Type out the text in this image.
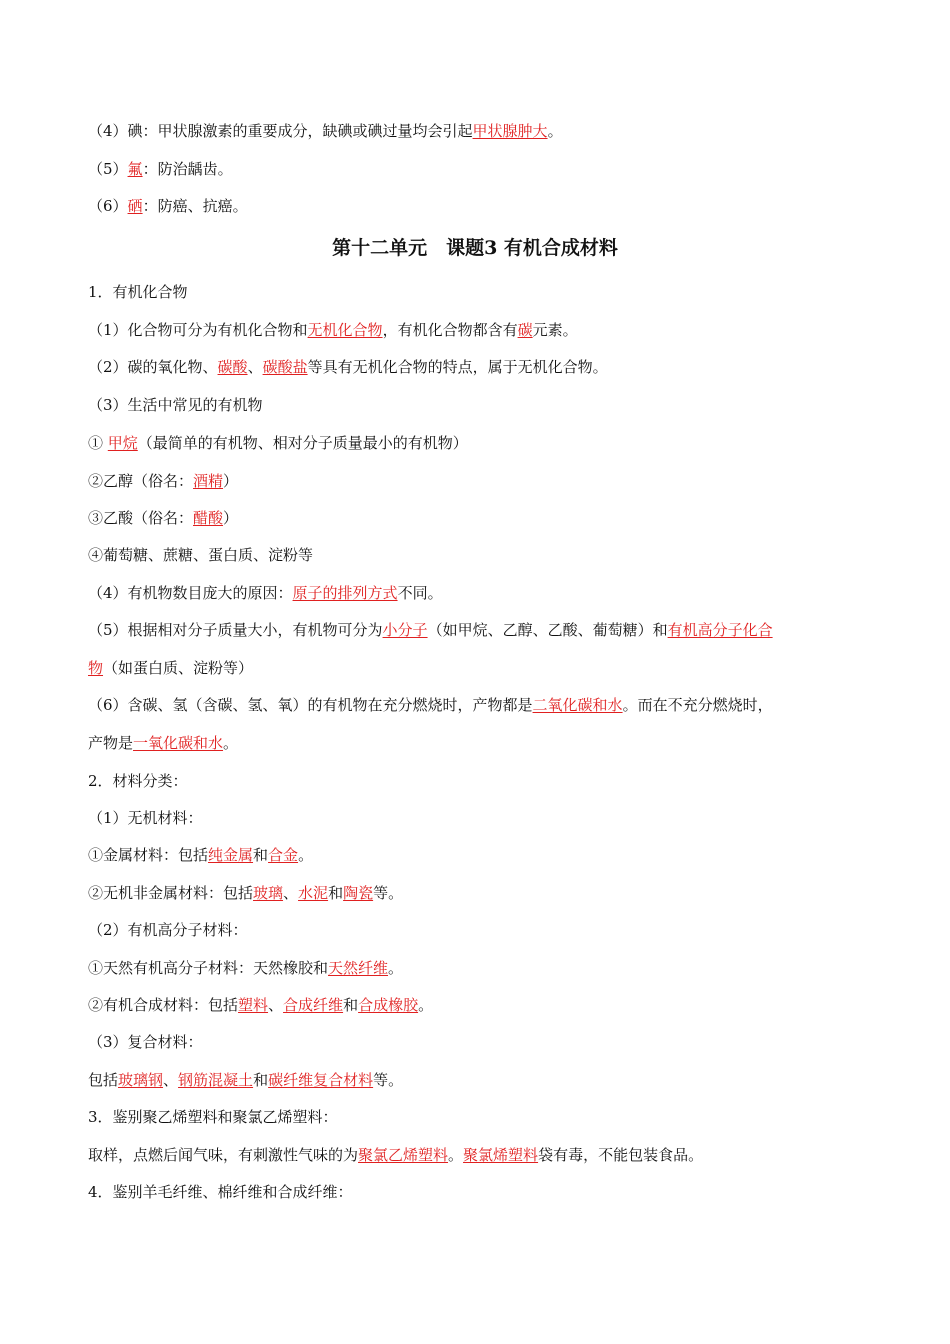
第十二单元　课题3 有机合成材料
（4）碘：甲状腺激素的重要成分，缺碘或碘过量均会引起甲状腺肿大。
（5）氟：防治龋齿。
（6）硒：防癌、抗癌。
1．有机化合物
（1）化合物可分为有机化合物和无机化合物，有机化合物都含有碳元素。
（2）碳的氧化物、碳酸、碳酸盐等具有无机化合物的特点，属于无机化合物。
（3）生活中常见的有机物
① 甲烷（最简单的有机物、相对分子质量最小的有机物）
②乙醇（俗名：酒精）
③乙酸（俗名：醋酸）
④葡萄糖、蔗糖、蛋白质、淀粉等
（4）有机物数目庞大的原因：原子的排列方式不同。
（5）根据相对分子质量大小，有机物可分为小分子（如甲烷、乙醇、乙酸、葡萄糖）和有机高分子化合
物（如蛋白质、淀粉等）
（6）含碳、氢（含碳、氢、氧）的有机物在充分燃烧时，产物都是二氧化碳和水。而在不充分燃烧时，
产物是一氧化碳和水。
2．材料分类：
（1）无机材料：
①金属材料：包括纯金属和合金。
②无机非金属材料：包括玻璃、水泥和陶瓷等。
（2）有机高分子材料：
①天然有机高分子材料：天然橡胶和天然纤维。
②有机合成材料：包括塑料、合成纤维和合成橡胶。
（3）复合材料：
包括玻璃钢、钢筋混凝土和碳纤维复合材料等。
3．鉴别聚乙烯塑料和聚氯乙烯塑料：
取样，点燃后闻气味，有刺激性气味的为聚氯乙烯塑料。聚氯烯塑料袋有毒，不能包装食品。
4．鉴别羊毛纤维、棉纤维和合成纤维：
